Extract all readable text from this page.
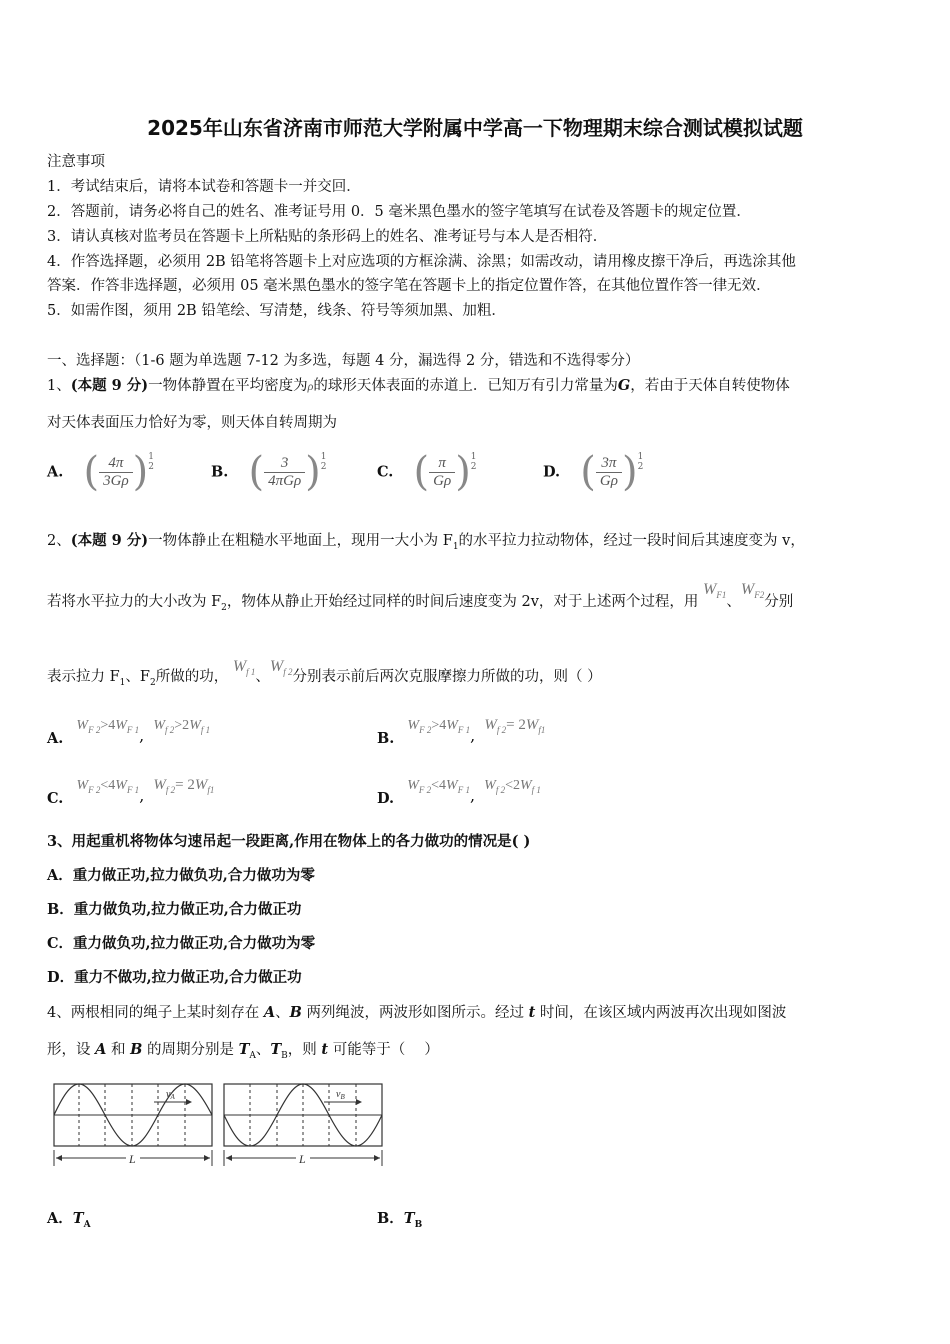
2025年山东省济南市师范大学附属中学高一下物理期末综合测试模拟试题
注意事项
1．考试结束后，请将本试卷和答题卡一并交回．
2．答题前，请务必将自己的姓名、准考证号用 0．5 毫米黑色墨水的签字笔填写在试卷及答题卡的规定位置．
3．请认真核对监考员在答题卡上所粘贴的条形码上的姓名、准考证号与本人是否相符．
4．作答选择题，必须用 2B 铅笔将答题卡上对应选项的方框涂满、涂黑；如需改动，请用橡皮擦干净后，再选涂其他
答案．作答非选择题，必须用 05 毫米黑色墨水的签字笔在答题卡上的指定位置作答，在其他位置作答一律无效．
5．如需作图，须用 2B 铅笔绘、写清楚，线条、符号等须加黑、加粗．
一、选择题：（1-6 题为单选题 7-12 为多选，每题 4 分，漏选得 2 分，错选和不选得零分）
1、(本题 9 分)一物体静置在平均密度为$^\rho$的球形天体表面的赤道上．已知万有引力常量为G，若由于天体自转使物体
对天体表面压力恰好为零，则天体自转周期为
A. ( $\frac{4\pi}{3G\rho} )1$
2	B. ( $\frac{3}{\text{4πGρ}} )1$
2	C. ( $\frac{\pi}{G\rho} )1$
2	D. ( $\frac{3\pi}{G\rho} )1$
2
2、(本题 9 分)一物体静止在粗糙水平地面上，现用一大小为 $F_1$的水平拉力拉动物体，经过一段时间后其速度变为 v，
若将水平拉力的大小改为 $F_2$，物体从静止开始经过同样的时间后速度变为 2v，对于上述两个过程，用 $W_{F1}$、$W_{F2}$分别
表示拉力 $F_1$、$F_2$所做的功， $W_{f 1}$、$W_{f 2}$分别表示前后两次克服摩擦力所做的功，则（ ）
A. $W_{F 2}>4W_{F 1}$, $W_{f 2}>2W_{f 1}$
B. $W_{F 2}>4W_{F 1}$, $W_{f 2}= 2W_{f1}$
C. $W_{F 2}<4W_{F 1}$, $W_{f 2}= 2W_{f1}$	D. $W_{F 2}<4W_{F 1}$, $W_{f 2}<2W_{f 1}$
3、用起重机将物体匀速吊起一段距离,作用在物体上的各力做功的情况是( )
A．重力做正功,拉力做负功,合力做功为零
B．重力做负功,拉力做正功,合力做正功
C．重力做负功,拉力做正功,合力做功为零
D．重力不做功,拉力做正功,合力做正功
4、两根相同的绳子上某时刻存在 A、B 两列绳波，两波形如图所示。经过 t 时间，在该区域内两波再次出现如图波
形，设 A 和 B 的周期分别是 $T_A$、$T_B$，则 t 可能等于（　 ）
$v_A$
L
$v_B$
L
A．$T_A$	B．$T_B$
